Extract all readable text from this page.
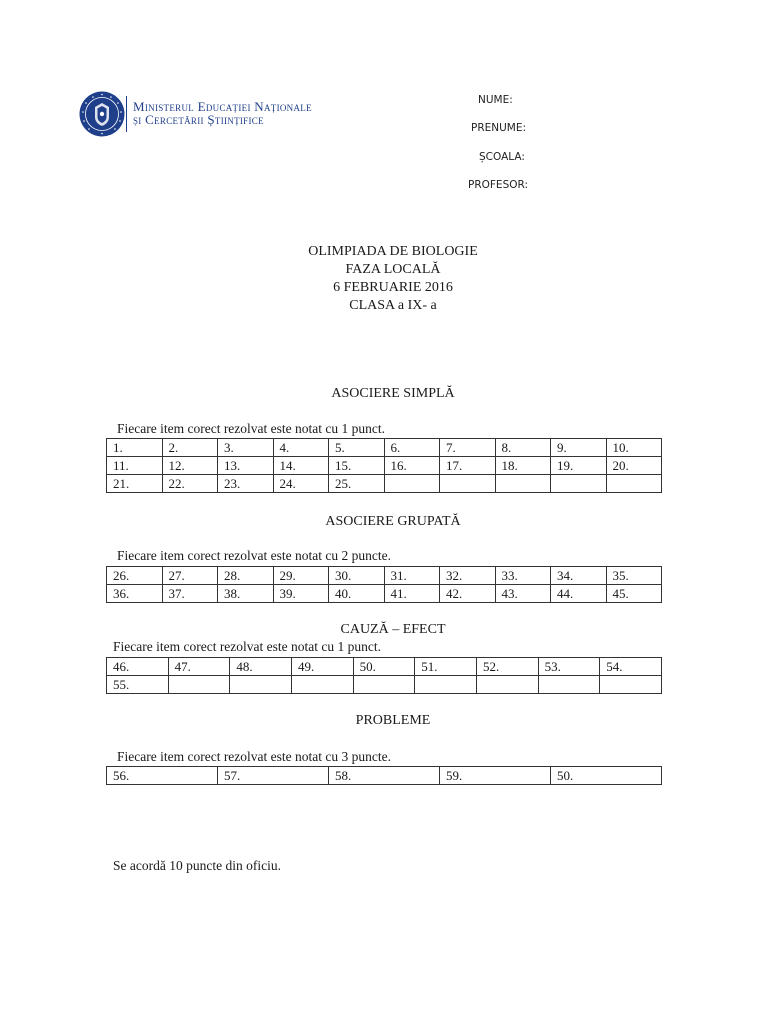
Ministerul Educației Naționale
și Cercetării Științifice
NUME:
PRENUME:
ȘCOALA:
PROFESOR:
OLIMPIADA DE BIOLOGIE
FAZA LOCALĂ
6 FEBRUARIE 2016
CLASA a IX- a
ASOCIERE SIMPLĂ
Fiecare item corect rezolvat este notat cu 1 punct.
1.	2.	3.	4.	5.	6.	7.	8.	9.	10.
11.	12.	13.	14.	15.	16.	17.	18.	19.	20.
21.	22.	23.	24.	25.					
ASOCIERE GRUPATĂ
Fiecare item corect rezolvat este notat cu 2 puncte.
26.	27.	28.	29.	30.	31.	32.	33.	34.	35.
36.	37.	38.	39.	40.	41.	42.	43.	44.	45.
CAUZĂ – EFECT
Fiecare item corect rezolvat este notat cu 1 punct.
46.	47.	48.	49.	50.	51.	52.	53.	54.
55.								
PROBLEME
Fiecare item corect rezolvat este notat cu 3 puncte.
56.	57.	58.	59.	50.
Se acordă 10 puncte din oficiu.
